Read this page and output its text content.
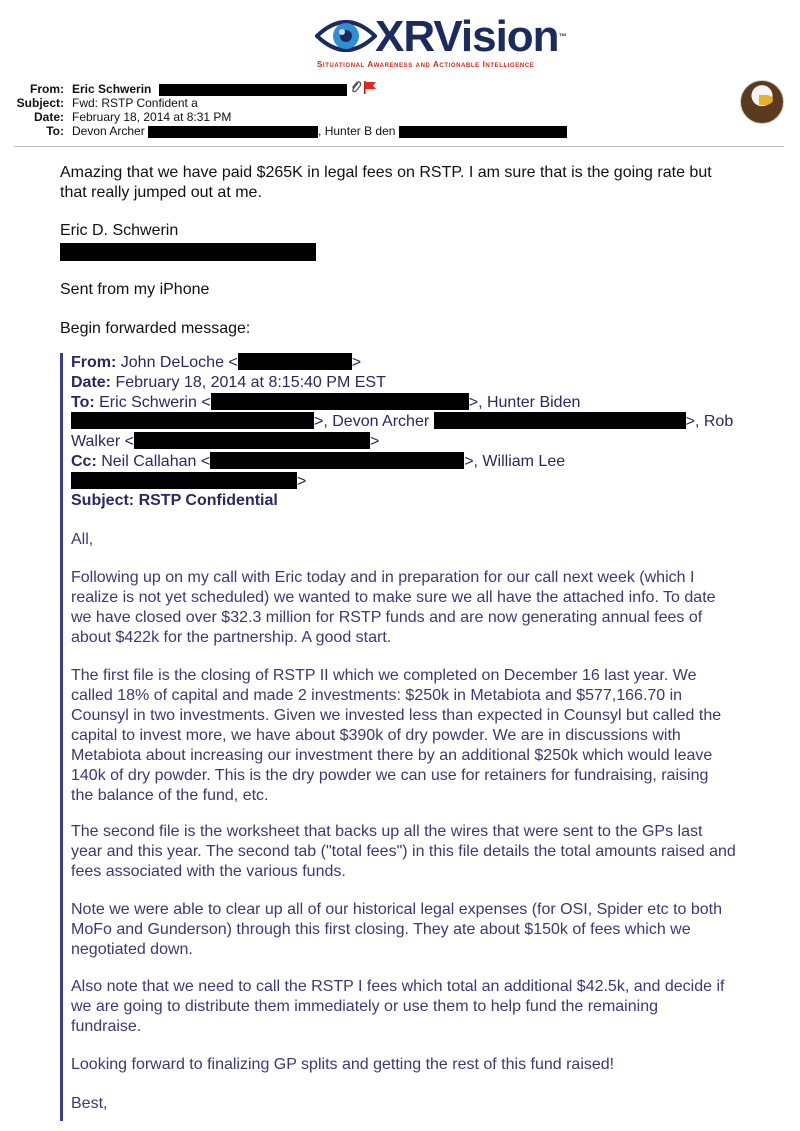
XRVision™
Situational Awareness and Actionable Intelligence
From: Eric Schwerin
Subject: Fwd: RSTP Confident a
Date: February 18, 2014 at 8:31 PM
To: Devon Archer	, Hunter B den
Amazing that we have paid $265K in legal fees on RSTP. I am sure that is the going rate but
that really jumped out at me.
Eric D. Schwerin
Sent from my iPhone
Begin forwarded message:
From: John DeLoche <	>
Date: February 18, 2014 at 8:15:40 PM EST
To: Eric Schwerin <	>, Hunter Biden
>, Devon Archer	>, Rob
Walker <	>
Cc: Neil Callahan <	>, William Lee
>
Subject: RSTP Confidential
All,
Following up on my call with Eric today and in preparation for our call next week (which I
realize is not yet scheduled) we wanted to make sure we all have the attached info. To date
we have closed over $32.3 million for RSTP funds and are now generating annual fees of
about $422k for the partnership. A good start.
The first file is the closing of RSTP II which we completed on December 16 last year. We
called 18% of capital and made 2 investments: $250k in Metabiota and $577,166.70 in
Counsyl in two investments. Given we invested less than expected in Counsyl but called the
capital to invest more, we have about $390k of dry powder. We are in discussions with
Metabiota about increasing our investment there by an additional $250k which would leave
140k of dry powder. This is the dry powder we can use for retainers for fundraising, raising
the balance of the fund, etc.
The second file is the worksheet that backs up all the wires that were sent to the GPs last
year and this year. The second tab ("total fees") in this file details the total amounts raised and
fees associated with the various funds.
Note we were able to clear up all of our historical legal expenses (for OSI, Spider etc to both
MoFo and Gunderson) through this first closing. They ate about $150k of fees which we
negotiated down.
Also note that we need to call the RSTP I fees which total an additional $42.5k, and decide if
we are going to distribute them immediately or use them to help fund the remaining
fundraise.
Looking forward to finalizing GP splits and getting the rest of this fund raised!
Best,
